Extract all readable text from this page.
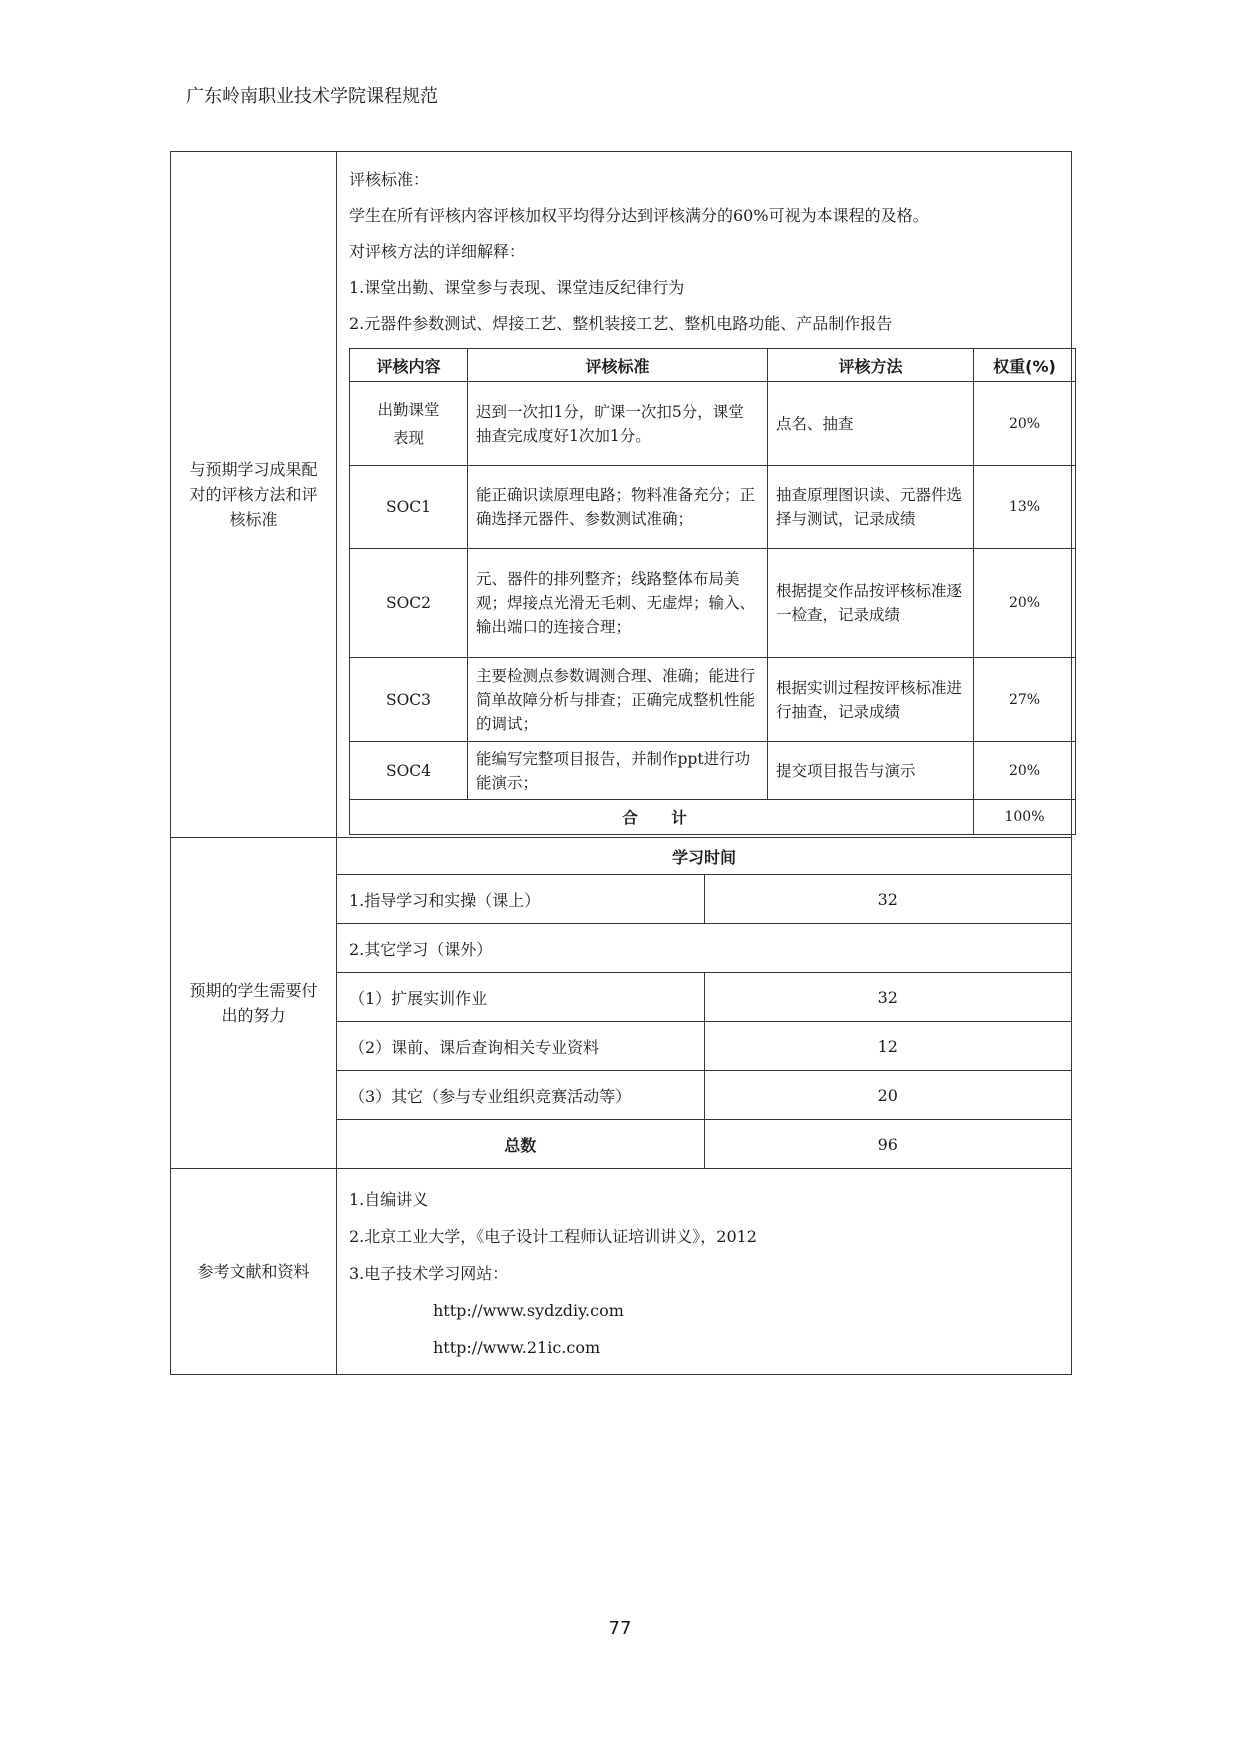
广东岭南职业技术学院课程规范
与预期学习成果配对的评核方法和评核标准	
评核标准：
学生在所有评核内容评核加权平均得分达到评核满分的60%可视为本课程的及格。
对评核方法的详细解释：
1.课堂出勤、课堂参与表现、课堂违反纪律行为
2.元器件参数测试、焊接工艺、整机装接工艺、整机电路功能、产品制作报告
评核内容	评核标准	评核方法	权重(%)
出勤课堂表现	迟到一次扣1分，旷课一次扣5分，课堂抽查完成度好1次加1分。	点名、抽查	20%
SOC1	能正确识读原理电路；物料准备充分；正确选择元器件、参数测试准确；	抽查原理图识读、元器件选择与测试，记录成绩	13%
SOC2	元、器件的排列整齐；线路整体布局美观；焊接点光滑无毛刺、无虚焊；输入、输出端口的连接合理；	根据提交作品按评核标准逐一检查，记录成绩	20%
SOC3	主要检测点参数调测合理、准确；能进行简单故障分析与排查；正确完成整机性能的调试；	根据实训过程按评核标准进行抽查，记录成绩	27%
SOC4	能编写完整项目报告，并制作ppt进行功能演示；	提交项目报告与演示	20%
合 计	100%

预期的学生需要付出的努力	
学习时间
1.指导学习和实操（课上）	32
2.其它学习（课外）
（1）扩展实训作业	32
（2）课前、课后查询相关专业资料	12
（3）其它（参与专业组织竞赛活动等）	20
总数	96

参考文献和资料	
1.自编讲义
2.北京工业大学，《电子设计工程师认证培训讲义》，2012
3.电子技术学习网站：
http://www.sydzdiy.com
http://www.21ic.com
77
